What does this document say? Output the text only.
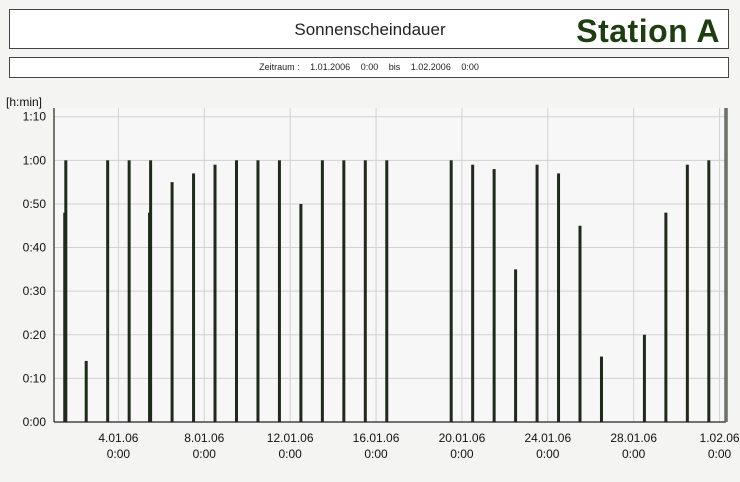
Sonnenscheindauer	Station A
Zeitraum : 1.01.2006 0:00 bis 1.02.2006 0:00
[h:min]
0:00
0:10
0:20
0:30
0:40
0:50
1:00
1:10
4.01.06
0:00
8.01.06
0:00
12.01.06
0:00
16.01.06
0:00
20.01.06
0:00
24.01.06
0:00
28.01.06
0:00
1.02.06
0:00
